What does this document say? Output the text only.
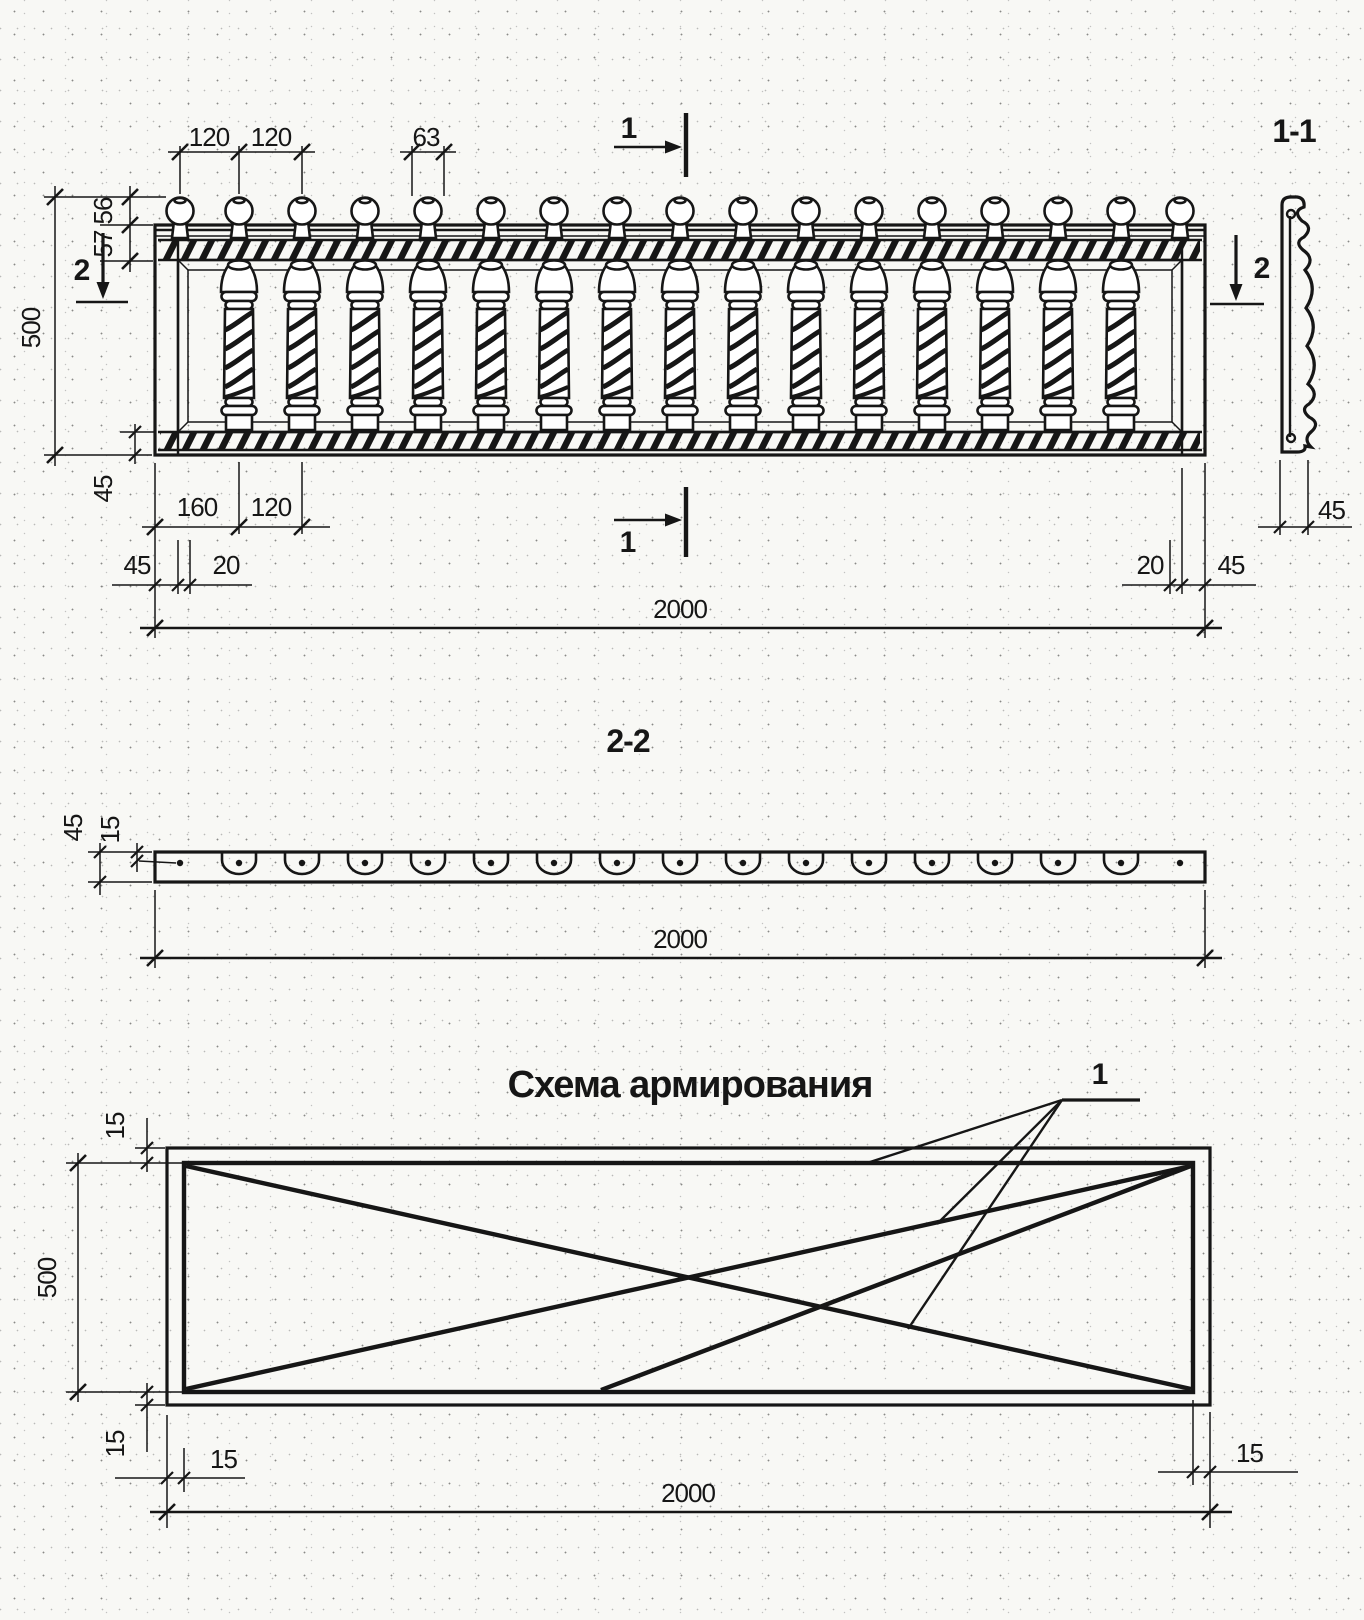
120 120	63
56
57
500
45
2	2
1
1
160 120
45 20	20 45
2000
1-1
45
2-2
45 15
2000
Схема армирования	1
15
500
15	15	15
2000
